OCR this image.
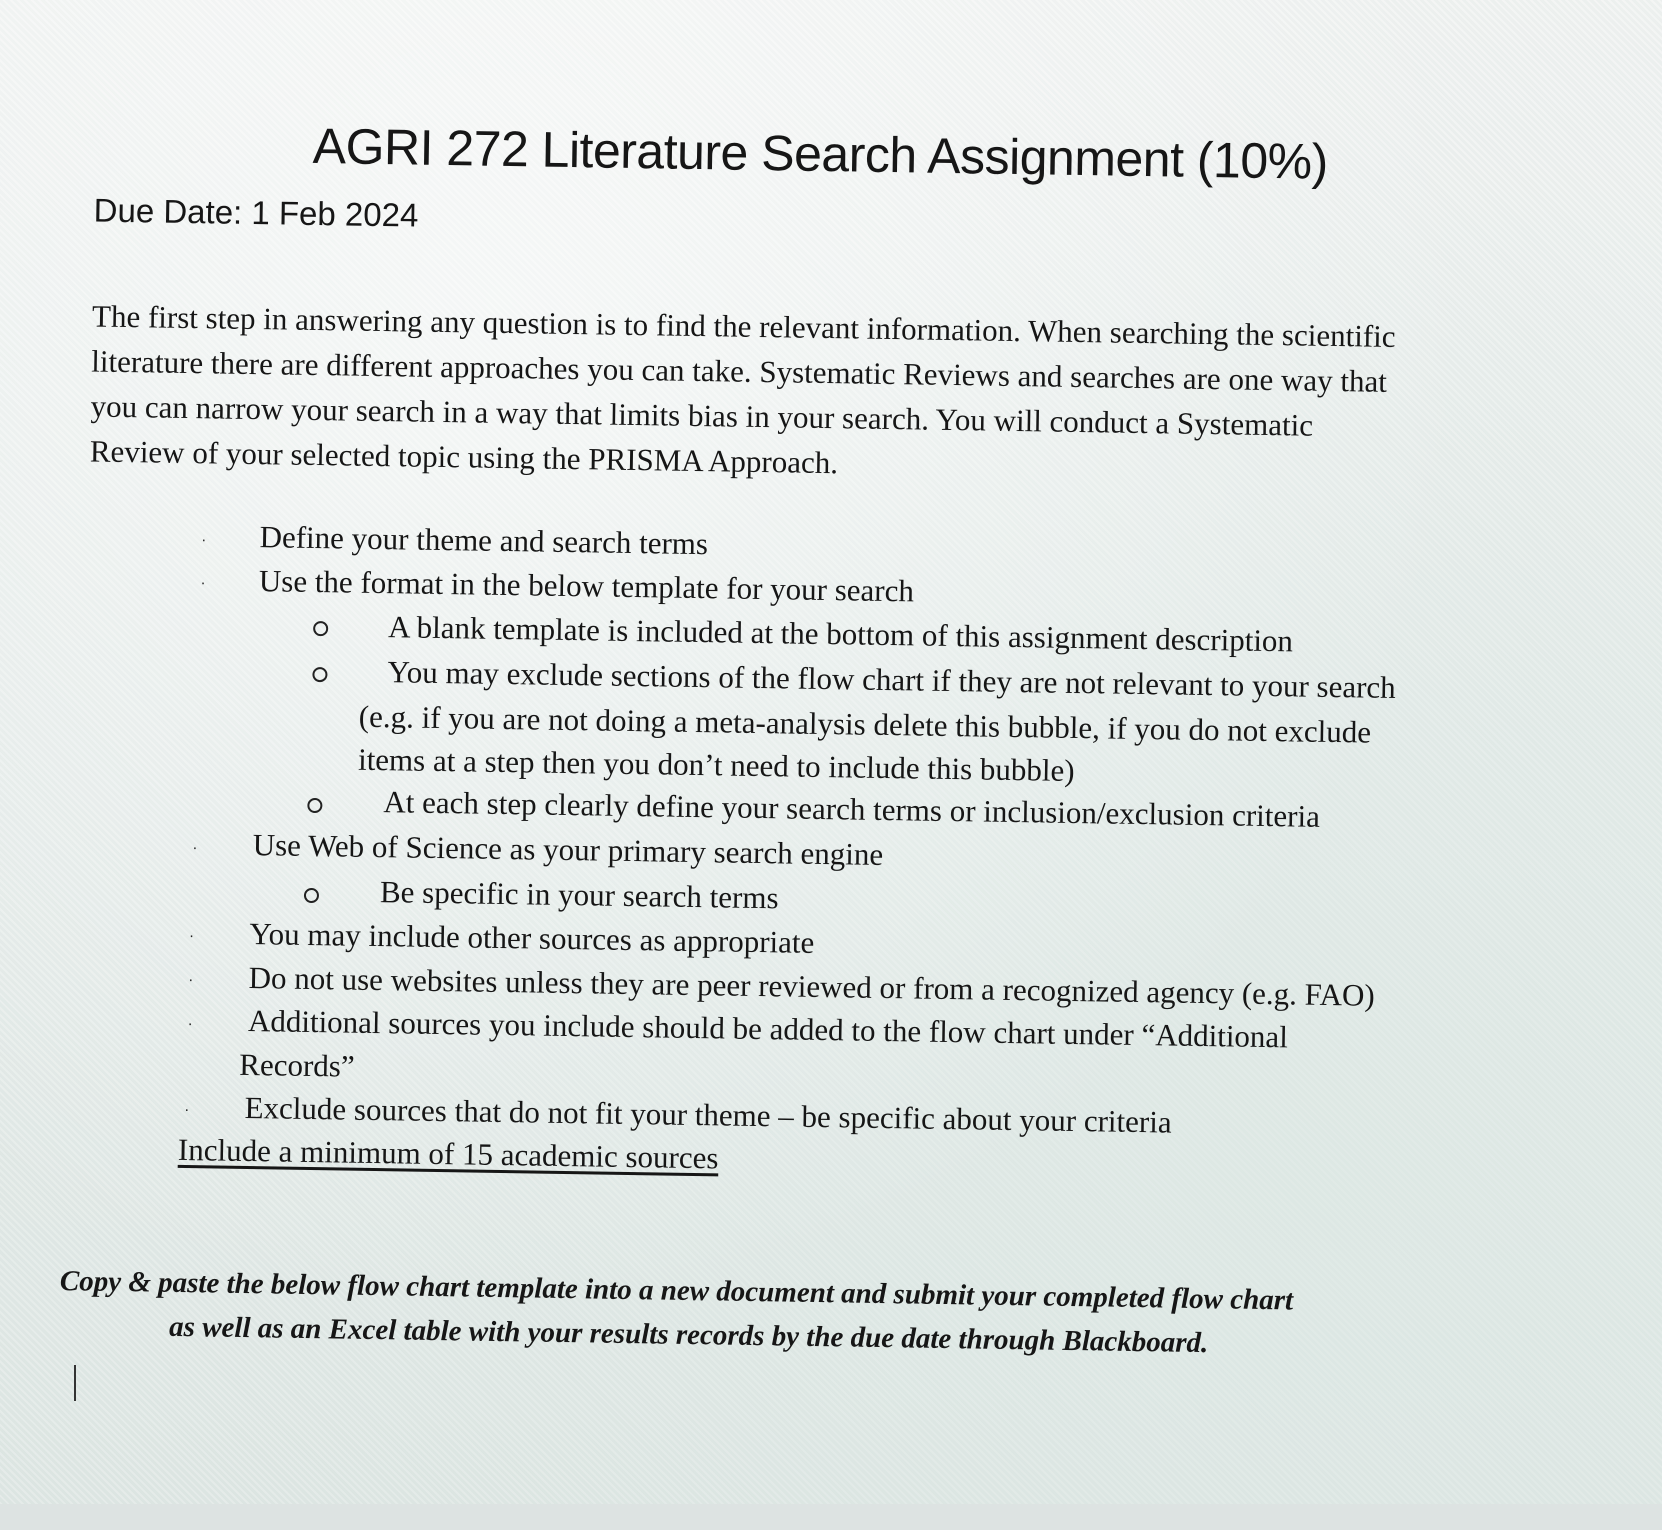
AGRI 272 Literature Search Assignment (10%)
Due Date: 1 Feb 2024

The first step in answering any question is to find the relevant information. When searching the scientific
literature there are different approaches you can take. Systematic Reviews and searches are one way that
you can narrow your search in a way that limits bias in your search. You will conduct a Systematic
Review of your selected topic using the PRISMA Approach.

· Define your theme and search terms
· Use the format in the below template for your search
A blank template is included at the bottom of this assignment description
You may exclude sections of the flow chart if they are not relevant to your search
(e.g. if you are not doing a meta-analysis delete this bubble, if you do not exclude
items at a step then you don’t need to include this bubble)
At each step clearly define your search terms or inclusion/exclusion criteria
· Use Web of Science as your primary search engine
Be specific in your search terms
· You may include other sources as appropriate
· Do not use websites unless they are peer reviewed or from a recognized agency (e.g. FAO)
· Additional sources you include should be added to the flow chart under “Additional
Records”
· Exclude sources that do not fit your theme – be specific about your criteria
Include a minimum of 15 academic sources
Copy & paste the below flow chart template into a new document and submit your completed flow chart
as well as an Excel table with your results records by the due date through Blackboard.
